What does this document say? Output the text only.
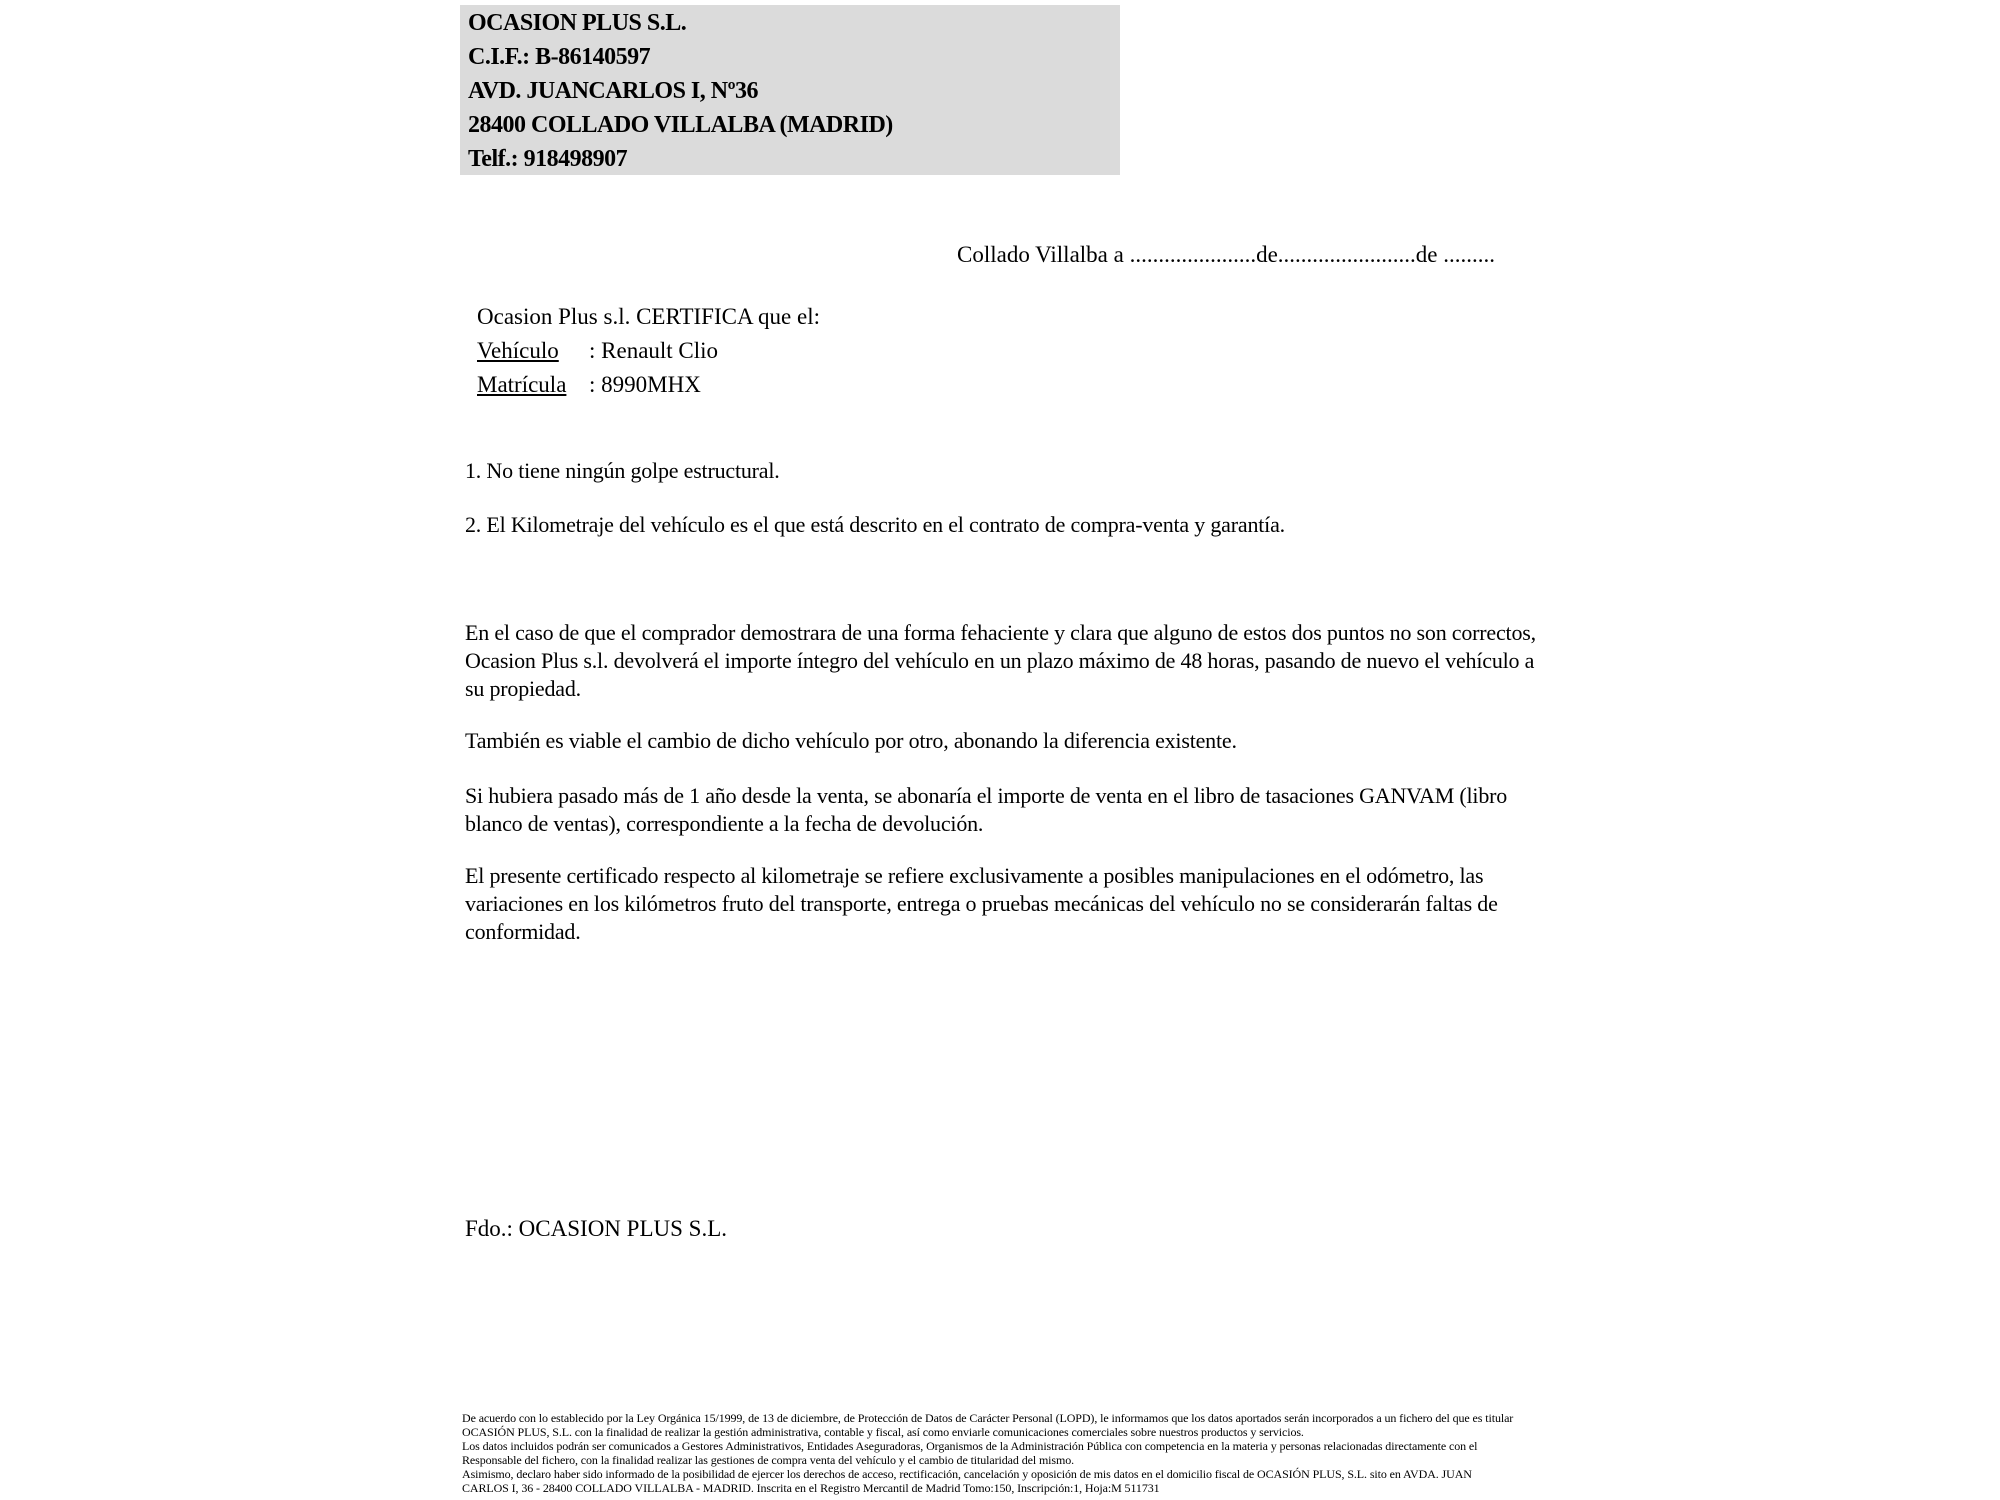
OCASION PLUS S.L.
C.I.F.: B-86140597
AVD. JUANCARLOS I, Nº36
28400 COLLADO VILLALBA (MADRID)
Telf.: 918498907
Collado Villalba a ......................de........................de .........
Ocasion Plus s.l. CERTIFICA que el:
Vehículo : Renault Clio
Matrícula : 8990MHX
1. No tiene ningún golpe estructural.
2. El Kilometraje del vehículo es el que está descrito en el contrato de compra-venta y garantía.
En el caso de que el comprador demostrara de una forma fehaciente y clara que alguno de estos dos puntos no son correctos, Ocasion Plus s.l. devolverá el importe íntegro del vehículo en un plazo máximo de 48 horas, pasando de nuevo el vehículo a su propiedad.
También es viable el cambio de dicho vehículo por otro, abonando la diferencia existente.
Si hubiera pasado más de 1 año desde la venta, se abonaría el importe de venta en el libro de tasaciones GANVAM (libro blanco de ventas), correspondiente a la fecha de devolución.
El presente certificado respecto al kilometraje se refiere exclusivamente a posibles manipulaciones en el odómetro, las variaciones en los kilómetros fruto del transporte, entrega o pruebas mecánicas del vehículo no se considerarán faltas de conformidad.
Fdo.: OCASION PLUS S.L.
De acuerdo con lo establecido por la Ley Orgánica 15/1999, de 13 de diciembre, de Protección de Datos de Carácter Personal (LOPD), le informamos que los datos aportados serán incorporados a un fichero del que es titular
OCASIÓN PLUS, S.L. con la finalidad de realizar la gestión administrativa, contable y fiscal, así como enviarle comunicaciones comerciales sobre nuestros productos y servicios.
Los datos incluidos podrán ser comunicados a Gestores Administrativos, Entidades Aseguradoras, Organismos de la Administración Pública con competencia en la materia y personas relacionadas directamente con el
Responsable del fichero, con la finalidad realizar las gestiones de compra venta del vehículo y el cambio de titularidad del mismo.
Asimismo, declaro haber sido informado de la posibilidad de ejercer los derechos de acceso, rectificación, cancelación y oposición de mis datos en el domicilio fiscal de OCASIÓN PLUS, S.L. sito en AVDA. JUAN
CARLOS I, 36 - 28400 COLLADO VILLALBA - MADRID. Inscrita en el Registro Mercantil de Madrid Tomo:150, Inscripción:1, Hoja:M 511731
